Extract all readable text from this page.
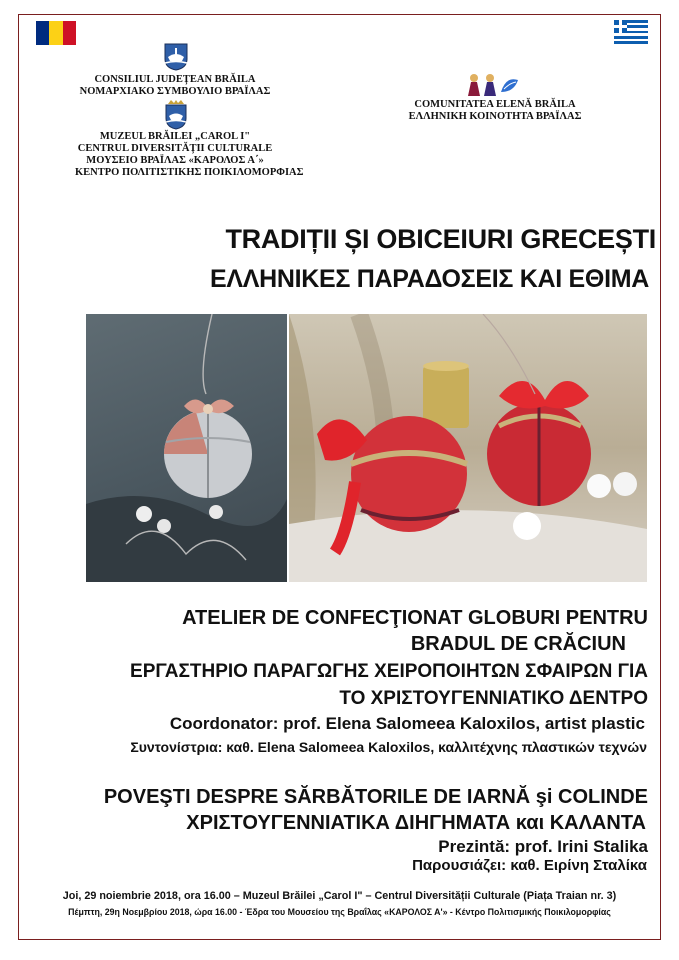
CONSILIUL JUDEȚEAN BRĂILA
ΝΟΜΑΡΧΙΑΚΟ ΣΥΜΒΟΥΛΙΟ ΒΡΑΪΛΑΣ
MUZEUL BRĂILEI „CAROL I"
CENTRUL DIVERSITĂȚII CULTURALE
ΜΟΥΣΕΙΟ ΒΡΑΪΛΑΣ «ΚΑΡΟΛΟΣ Α΄»
ΚΕΝΤΡΟ ΠΟΛΙΤΙΣΤΙΚΗΣ ΠΟΙΚΙΛΟΜΟΡΦΙΑΣ
COMUNITATEA ELENĂ BRĂILA
ΕΛΛΗΝΙΚΗ ΚΟΙΝΟΤΗΤΑ ΒΡΑΪΛΑΣ
TRADIȚII ȘI OBICEIURI GRECEȘTI
ΕΛΛΗΝΙΚΕΣ ΠΑΡΑΔΟΣΕΙΣ ΚΑΙ ΕΘΙΜΑ
ATELIER DE CONFECŢIONAT GLOBURI PENTRU
BRADUL DE CRĂCIUN
ΕΡΓΑΣΤΗΡΙΟ ΠΑΡΑΓΩΓΗΣ ΧΕΙΡΟΠΟΙΗΤΩΝ ΣΦΑΙΡΩΝ ΓΙΑ
ΤΟ ΧΡΙΣΤΟΥΓΕΝΝΙΑΤΙΚΟ ΔΕΝΤΡΟ
Coordonator: prof. Elena Salomeea Kaloxilos, artist plastic
Συντονίστρια: καθ. Elena Salomeea Kaloxilos, καλλιτέχνης πλαστικών τεχνών
POVEŞTI DESPRE SĂRBĂTORILE DE IARNĂ şi COLINDE
ΧΡΙΣΤΟΥΓΕΝΝΙΑΤΙΚΑ ΔΙΗΓΗΜΑΤΑ και ΚΑΛΑΝΤΑ
Prezintă: prof. Irini Stalika
Παρουσιάζει: καθ. Ειρίνη Σταλίκα
Joi, 29 noiembrie 2018, ora 16.00 – Muzeul Brăilei „Carol I" – Centrul Diversității Culturale (Piața Traian nr. 3)
Πέμπτη, 29η Νοεμβρίου 2018, ώρα 16.00 - Έδρα του Μουσείου της Βραΐλας «ΚΑΡΟΛΟΣ Α'» - Κέντρο Πολιτισμικής Ποικιλομορφίας
